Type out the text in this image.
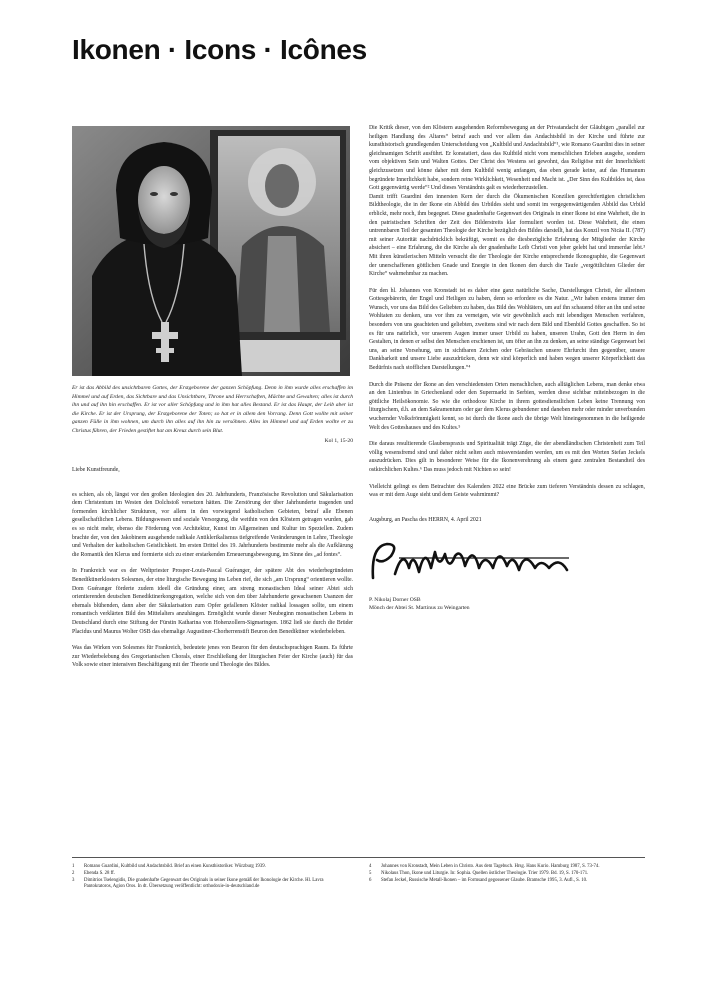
Ikonen · Icons · Icônes
Er ist das Abbild des unsichtbaren Gottes, der Erstgeborene der ganzen Schöpfung. Denn in ihm wurde alles erschaffen im Himmel und auf Erden, das Sichtbare und das Unsichtbare, Throne und Herrschaften, Mächte und Gewalten; alles ist durch ihn und auf ihn hin erschaffen. Er ist vor aller Schöpfung und in ihm hat alles Bestand. Er ist das Haupt, der Leib aber ist die Kirche. Er ist der Ursprung, der Erstgeborene der Toten; so hat er in allem den Vorrang. Denn Gott wollte mit seiner ganzen Fülle in ihm wohnen, um durch ihn alles auf ihn hin zu versöhnen. Alles im Himmel und auf Erden wollte er zu Christus führen, der Frieden gestiftet hat am Kreuz durch sein Blut.
Kol 1, 15-20
Liebe Kunstfreunde,

es schien, als ob, längst vor den großen Ideologien des 20. Jahrhunderts, Französische Revolution und Säkularisation dem Christentum im Westen den Dolchstoß versetzen hätten. Die Zerstörung der über Jahrhunderte tragenden und formenden kirchlicher Strukturen, vor allem in den vorwiegend katholischen Gebieten, betraf alle Ebenen gesellschaftlichen Lebens. Bildungswesen und soziale Versorgung, die weithin von den Klöstern getragen wurden, gab es so nicht mehr, ebenso die Förderung von Architektur, Kunst im Allgemeinen und Kultur im Speziellen. Zudem brachte der, von den Jakobinern ausgehende radikale Antiklerikalismus tiefgreifende Veränderungen in Lehre, Theologie und Verhalten der katholischen Geistlichkeit. Im ersten Drittel des 19. Jahrhunderts bestimmte mehr als die Aufklärung die Romantik den Klerus und formierte sich zu einer erstarkenden Erneuerungsbewegung, im Sinne des „ad fontes“.

In Frankreich war es der Weltpriester Prosper-Louis-Pascal Guéranger, der spätere Abt des wiederbegründeten Benediktinerklosters Solesmes, der eine liturgische Bewegung ins Leben rief, die sich „am Ursprung“ orientieren wollte. Dom Guéranger förderte zudem ideell die Gründung einer, am streng monastischen Ideal seiner Abtei sich orientierenden deutschen Benediktinerkongregation, welche sich von den über Jahrhunderte gewachsenen Usanzen der ehemals blühenden, dann aber der Säkularisation zum Opfer gefallenen Klöster radikal lossagen sollte, um einem romantisch verklärten Bild des Mittelalters anzuhängen. Ermöglicht wurde dieser Neubeginn monastischen Lebens in Deutschland durch eine Stiftung der Fürstin Katharina von Hohenzollern-Sigmaringen. 1862 ließ sie durch die Brüder Placidus und Maurus Wolter OSB das ehemalige Augustiner-Chorherrenstift Beuron den Benediktiner wiederbeleben.

Was das Wirken von Solesmes für Frankreich, bedeutete jenes von Beuron für den deutschsprachigen Raum. Es führte zur Wiederbelebung des Gregorianischen Chorals, einer Erschließung der liturgischen Feier der Kirche (auch) für das Volk sowie einer intensiven Beschäftigung mit der Theorie und Theologie des Bildes.

Die Kritik dieser, von den Klöstern ausgehenden Reformbewegung an der Privatandacht der Gläubigen „parallel zur heiligen Handlung des Altares“ betraf auch und vor allem das Andachtsbild in der Kirche und führte zur kunsthistorisch grundlegenden Unterscheidung von „Kultbild und Andachtsbild“¹, wie Romano Guardini dies in seiner gleichnamigen Schrift ausführt. Er konstatiert, dass das Kultbild nicht vom menschlichen Erleben ausgehe, sondern vom objektiven Sein und Walten Gottes. Der Christ des Westens sei gewohnt, das Religiöse mit der Innerlichkeit gleichzusetzen und könne daher mit dem Kultbild wenig anfangen, das eben gerade keine, auf das Humanum begründete Innerlichkeit habe, sondern reine Wirklichkeit, Wesenheit und Macht ist. „Der Sinn des Kultbildes ist, dass Gott gegenwärtig werde“² Und dieses Verständnis galt es wiederherzustellen.

Damit trifft Guardini den innersten Kern der durch die Ökumenischen Konzilien gerechtfertigten christlichen Bildtheologie, die in der Ikone ein Abbild des Urbildes sieht und somit im vergegenwärtigenden Abbild das Urbild erblickt, mehr noch, ihm begegnet. Diese gnadenhafte Gegenwart des Originals in einer Ikone ist eine Wahrheit, die in den patristischen Schriften der Zeit des Bilderstreits klar formuliert worden ist. Diese Wahrheit, die einen untrennbaren Teil der gesamten Theologie der Kirche bezüglich des Bildes darstellt, hat das Konzil von Nicäa II. (787) mit seiner Autorität nachdrücklich bekräftigt, womit es die diesbezügliche Erfahrung der Mitglieder der Kirche absichert – eine Erfahrung, die die Kirche als der gnadenhafte Leib Christi von jeher gelebt hat und immerdar lebt.³ Mit ihren künstlerischen Mitteln versucht die der Theologie der Kirche entsprechende Ikonographie, die Gegenwart der unerschaffenen göttlichen Gnade und Energie in den Ikonen den durch die Taufe „vergöttlichten Glieder der Kirche“ wahrnehmbar zu machen.

Für den hl. Johannes von Kronstadt ist es daher eine ganz natürliche Sache, Darstellungen Christi, der allreinen Gottesgebärerin, der Engel und Heiligen zu haben, denn so erfordere es die Natur. „Wir haben erstens immer den Wunsch, vor uns das Bild des Geliebten zu haben, das Bild des Wohltäters, um auf ihn schauend öfter an ihn und seine Wohltaten zu denken, uns vor ihm zu verneigen, wie wir gewöhnlich auch mit lebendigen Menschen verfahren, besonders von uns geachteten und geliebten, zweitens sind wir nach dem Bild und Ebenbild Gottes geschaffen. So ist es für uns natürlich, vor unserem Augen immer unser Urbild zu haben, unseren Urahn, Gott den Herrn in den Gestalten, in denen er selbst den Menschen erschienen ist, um öfter an ihn zu denken, an seine ständige Gegenwart bei uns, an seine Vorsehung, um in sichtbaren Zeichen oder Gebräuchen unsere Ehrfurcht ihm gegenüber, unsere Dankbarkeit und unsere Liebe auszudrücken, denn wir sind körperlich und haben wegen unserer Körperlichkeit das Bedürfnis nach stofflichen Darstellungen.“⁴

Durch die Präsenz der Ikone an den verschiedensten Orten menschlichen, auch alltäglichen Lebens, man denke etwa an den Linienbus in Griechenland oder den Supermarkt in Serbien, werden diese sichtbar miteinbezogen in die göttliche Heilsökonomie. So wie die orthodoxe Kirche in ihrem gottesdienstlichen Leben keine Trennung von liturgischem, d.h. an dem Sakramentum oder gar dem Klerus gebundener und daneben mehr oder minder unverbunden wuchernder Volksfrömmigkeit kennt, so ist durch die Ikone auch die übrige Welt hineingenommen in die heiligende Welt des Gotteshauses und des Kultes.⁵

Die daraus resultierende Glaubenspraxis und Spiritualität trägt Züge, die der abendländischen Christenheit zum Teil völlig wesensfremd sind und daher nicht selten auch missverstanden werden, um es mit den Worten Stefan Jeckels auszudrücken. Dies gilt in besonderer Weise für die Ikonenverehrung als einem ganz zentralen Bestandteil des ostkirchlichen Kultes.⁶ Das muss jedoch mit Nichten so sein!

Vielleicht gelingt es dem Betrachter des Kalenders 2022 eine Brücke zum tieferen Verständnis dessen zu schlagen, was er mit dem Auge sieht und dem Geiste wahrnimmt?

Augsburg, an Pascha des HERRN, 4. April 2021
P. Nikolaj Dorner OSB
Mönch der Abtei St. Martinus zu Weingarten
1	Romano Guardini, Kultbild und Andachtsbild. Brief an einen Kunsthistoriker. Würzburg 1939.
2	Ebenda S. 28 ff.
3	Dimitrios Tselengidis, Die gnadenhafte Gegenwart des Originals in seiner Ikone gemäß der Ikonologie der Kirche. Hl. Lavra Pantokratoros, Agion Oros. In dt. Übersetzung veröffentlicht: orthodoxie-in-deutschland.de
4	Johannes von Kronstadt, Mein Leben in Christo. Aus dem Tagebuch. Hrsg. Hans Kurio. Hamburg 1987, S. 73-74.
5	Nikolaus Thon, Ikone und Liturgie. In: Sophia. Quellen östlicher Theologie. Trier 1979. Bd. 19, S. 170-171.
6	Stefan Jeckel, Russische Metall-Ikonen – im Formsand gegossener Glaube. Bramsche 1995, 3. Aufl., S. 10.
